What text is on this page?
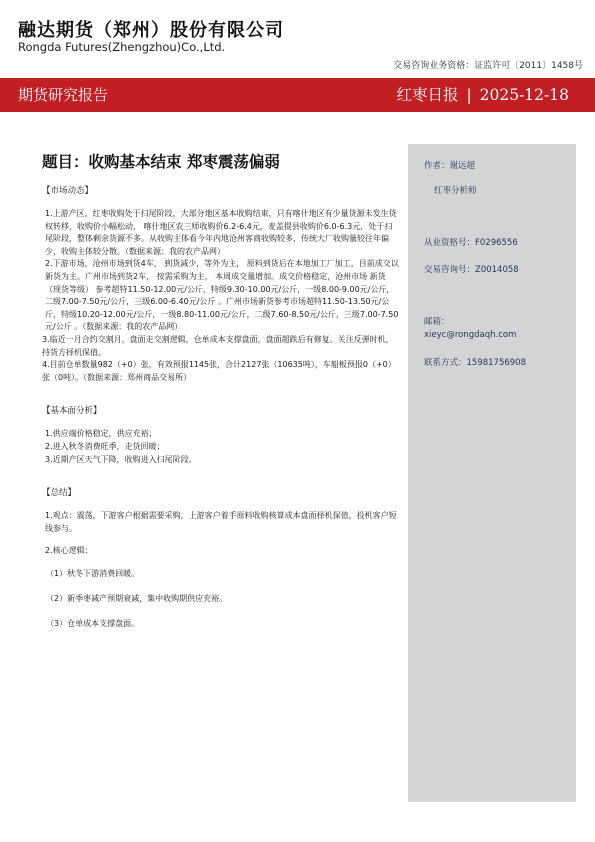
融达期货（郑州）股份有限公司
Rongda Futures(Zhengzhou)Co.,Ltd.
交易咨询业务资格：证监许可〔2011〕1458号
期货研究报告	红枣日报 | 2025-12-18
题目：收购基本结束 郑枣震荡偏弱
【市场动态】

1.上游产区，红枣收购处于扫尾阶段，大部分地区基本收购结束，只有喀什地区有少量货源未发生货权转移，收购价小幅松动， 喀什地区农三师收购价6.2-6.4元，麦盖提县收购价6.0-6.3元，处于扫尾阶段，整体剩余货源不多。从收购主体看今年内地沧州客商收购较多，传统大厂收购量较往年偏少，收购主体较分散。（数据来源：我的农产品网）

2.下游市场，沧州市场到货4车， 到货减少，等外为主， 原料到货后在本地加工厂加工，目前成交以新货为主。广州市场到货2车， 按需采购为主， 本周成交量增加。成交价格稳定，沧州市场 新货 （现货等级） 参考超特11.50-12.00元/公斤，特级9.30-10.00元/公斤，一级8.00-9.00元/公斤，二级7.00-7.50元/公斤，三级6.00-6.40元/公斤 。广州市场新货参考市场超特11.50-13.50元/公斤，特级10.20-12.00元/公斤，一级8.80-11.00元/公斤，二级7.60-8.50元/公斤，三级7.00-7.50元/公斤 。（数据来源：我的农产品网）

3.临近一月合约交割月，盘面走交割逻辑，仓单成本支撑盘面，盘面超跌后有修复。关注反弹时机，持货方择机保值。

4.目前仓单数量982（+0）张，有效预报1145张，合计2127张（10635吨），车船板预报0（+0）张（0吨）。（数据来源：郑州商品交易所）

【基本面分析】

1.供应端价格稳定，供应充裕；

2.进入秋冬消费旺季，走货回暖；

3.近期产区天气下降，收购进入扫尾阶段。

【总结】

1.观点：震荡，下游客户根据需要采购，上游客户着手原料收购核算成本盘面择机保值，投机客户短线参与。

2.核心逻辑：

（1）秋冬下游消费回暖。

（2）新季枣减产预期衰减，集中收购期供应充裕。

（3）仓单成本支撑盘面。

作者：谢远超
红枣分析师
从业资格号：F0296556
交易咨询号：Z0014058
邮箱：
xieyc@rongdaqh.com
联系方式：15981756908
